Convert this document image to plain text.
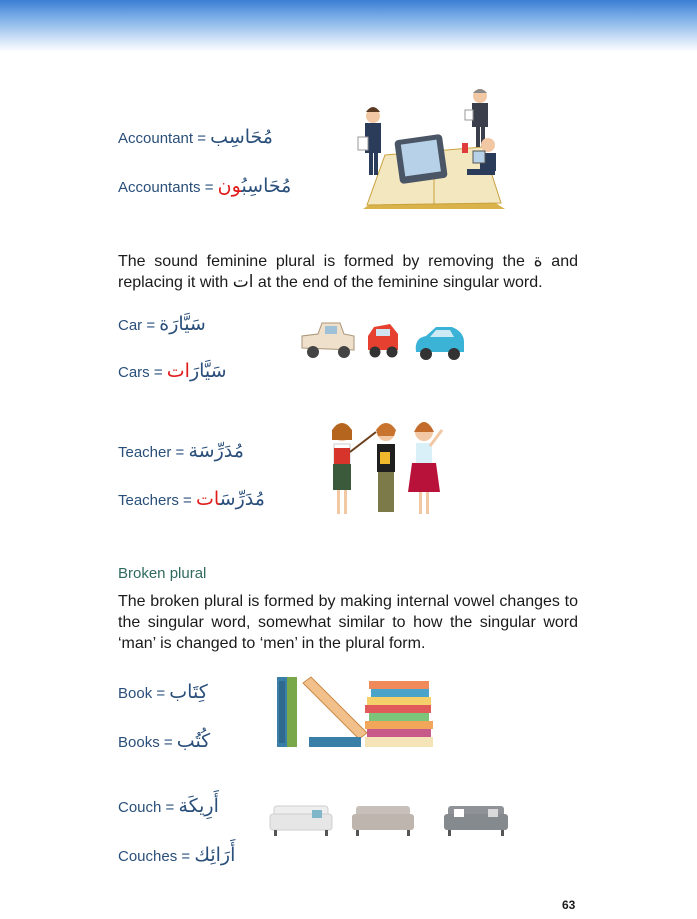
Accountant = مُحَاسِب
Accountants = مُحَاسِبُون
The sound feminine plural is formed by removing the ة and replacing it with ات at the end of the feminine singular word.
Car = سَيَّارَة
Cars = سَيَّارَات
Teacher = مُدَرِّسَة
Teachers = مُدَرِّسَات
Broken plural
The broken plural is formed by making internal vowel changes to the singular word, somewhat similar to how the singular word ‘man’ is changed to ‘men’ in the plural form.
Book = كِتَاب
Books = كُتُب
Couch = أَرِيكَة
Couches = أَرَائِك
63
